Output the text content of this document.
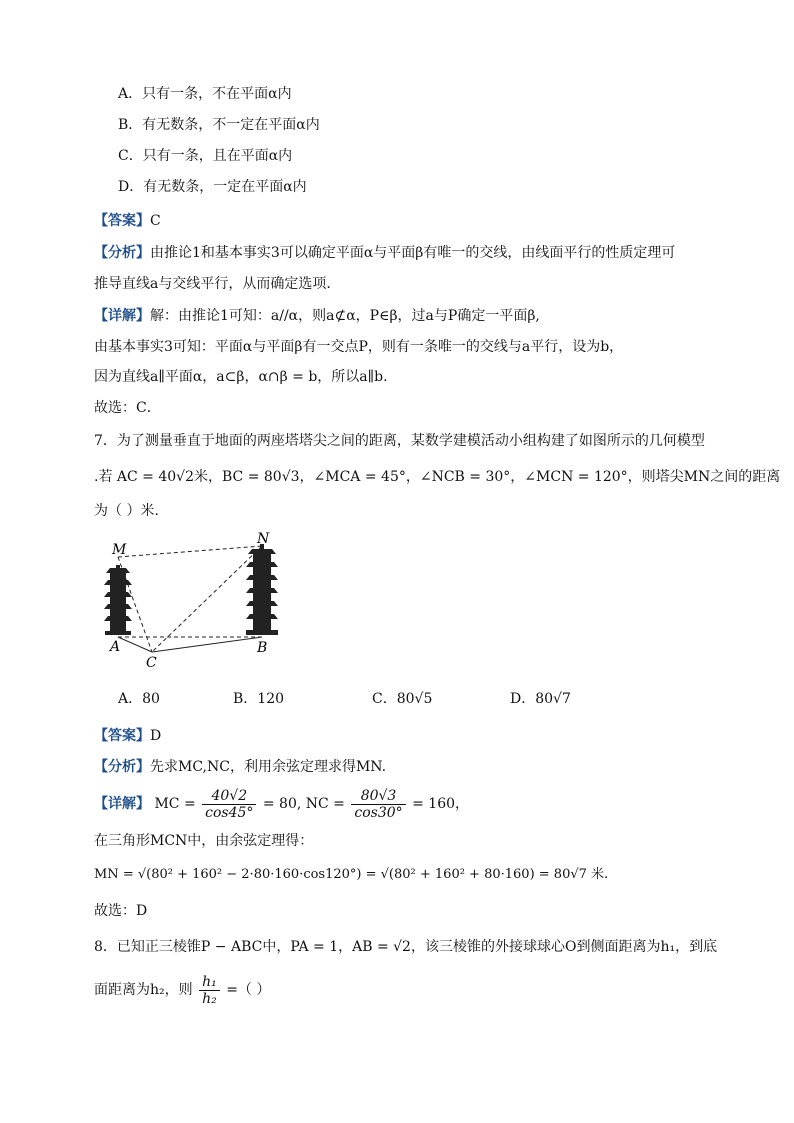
A．只有一条，不在平面α内
B．有无数条，不一定在平面α内
C．只有一条，且在平面α内
D．有无数条，一定在平面α内
【答案】C
【分析】由推论1和基本事实3可以确定平面α与平面β有唯一的交线，由线面平行的性质定理可
推导直线a与交线平行，从而确定选项.
【详解】解：由推论1可知：a//α，则a⊄α，P∈β，过a与P确定一平面β,
由基本事实3可知：平面α与平面β有一交点P，则有一条唯一的交线与a平行，设为b，
因为直线a∥平面α，a⊂β，α∩β = b，所以a∥b.
故选：C．
7．为了测量垂直于地面的两座塔塔尖之间的距离，某数学建模活动小组构建了如图所示的几何模型
.若 AC = 40√2米，BC = 80√3，∠MCA = 45°，∠NCB = 30°，∠MCN = 120°，则塔尖MN之间的距离
为（ ）米.
M
N
A	B
C
A．80	B．120	C．80√5	D．80√7
【答案】D
【分析】先求MC,NC，利用余弦定理求得MN.
【详解】 MC = $\frac{40√2}{\cos 45^\circ} = 80$, NC = $\frac{80√3}{\cos 30^\circ} = 160$，
在三角形MCN中，由余弦定理得：
MN = √(80² + 160² − 2·80·160·cos120°) = √(80² + 160² + 80·160) = 80√7 米.
故选：D
8．已知正三棱锥P − ABC中，PA = 1，AB = √2，该三棱锥的外接球球心O到侧面距离为h₁，到底
面距离为h₂，则 $\frac{\text{h₁}}{\text{h₂}}$ =（ ）
